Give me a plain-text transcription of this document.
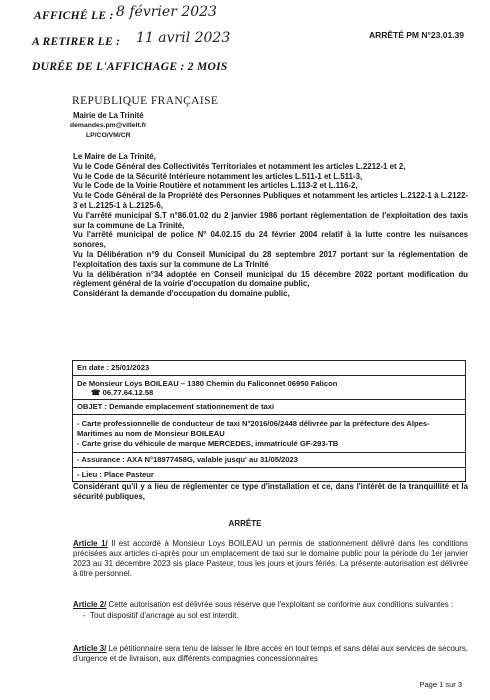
AFFICHÉ LE : 8 février 2023
A RETIRER LE : 11 avril 2023
DURÉE DE L'AFFICHAGE : 2 MOIS
ARRÊTÉ PM N°23.01.39
REPUBLIQUE FRANÇAISE
Mairie de La Trinité
demandes.pm@villelt.fr
LP/CO/VM/CR

Le Maire de La Trinité,

Vu le Code Général des Collectivités Territoriales et notamment les articles L.2212-1 et 2,

Vu le Code de la Sécurité Intérieure notamment les articles L.511-1 et L.511-3,

Vu le Code de la Voirie Routière et notamment les articles L.113-2 et L.116-2,

Vu le Code Général de la Propriété des Personnes Publiques et notamment les articles L.2122-1 à L.2122-3 et L.2125-1 à L.2125-6,

Vu l'arrêté municipal S.T n°86.01.02 du 2 janvier 1986 portant règlementation de l'exploitation des taxis sur la commune de La Trinité,

Vu l'arrêté municipal de police N° 04.02.15 du 24 février 2004 relatif à la lutte contre les nuisances sonores,

Vu la Délibération n°9 du Conseil Municipal du 28 septembre 2017 portant sur la réglementation de l'exploitation des taxis sur la commune de La Trinité

Vu la délibération n°34 adoptée en Conseil municipal du 15 décembre 2022 portant modification du règlement général de la voirie d'occupation du domaine public,

Considérant la demande d'occupation du domaine public,

En date : 25/01/2023
De Monsieur Loys BOILEAU – 1380 Chemin du Faliconnet 06950 Falicon
☎ 06.77.64.12.58
OBJET : Demande emplacement stationnement de taxi
- Carte professionnelle de conducteur de taxi N°2016/06/2448 délivrée par la préfecture des Alpes-Maritimes au nom de Monsieur BOILEAU
- Carte grise du véhicule de marque MERCEDES, immatriculé GF-293-TB
- Assurance : AXA N°18977458G, valable jusqu' au 31/05/2023
- Lieu : Place Pasteur
Considérant qu'il y a lieu de réglementer ce type d'installation et ce, dans l'intérêt de la tranquillité et la sécurité publiques,
ARRÊTE
Article 1/ Il est accordé à Monsieur Loys BOILEAU un permis de stationnement délivré dans les conditions précisées aux articles ci-après pour un emplacement de taxi sur le domaine public pour la période du 1er janvier 2023 au 31 décembre 2023 sis place Pasteur, tous les jours et jours fériés. La présente autorisation est délivrée à titre personnel.
Article 2/ Cette autorisation est délivrée sous réserve que l'exploitant se conforme aux conditions suivantes :
-  Tout dispositif d'ancrage au sol est interdit.
Article 3/ Le pétitionnaire sera tenu de laisser le libre accès en tout temps et sans délai aux services de secours, d'urgence et de livraison, aux différents compagnies concessionnaires
Page 1 sur 3
